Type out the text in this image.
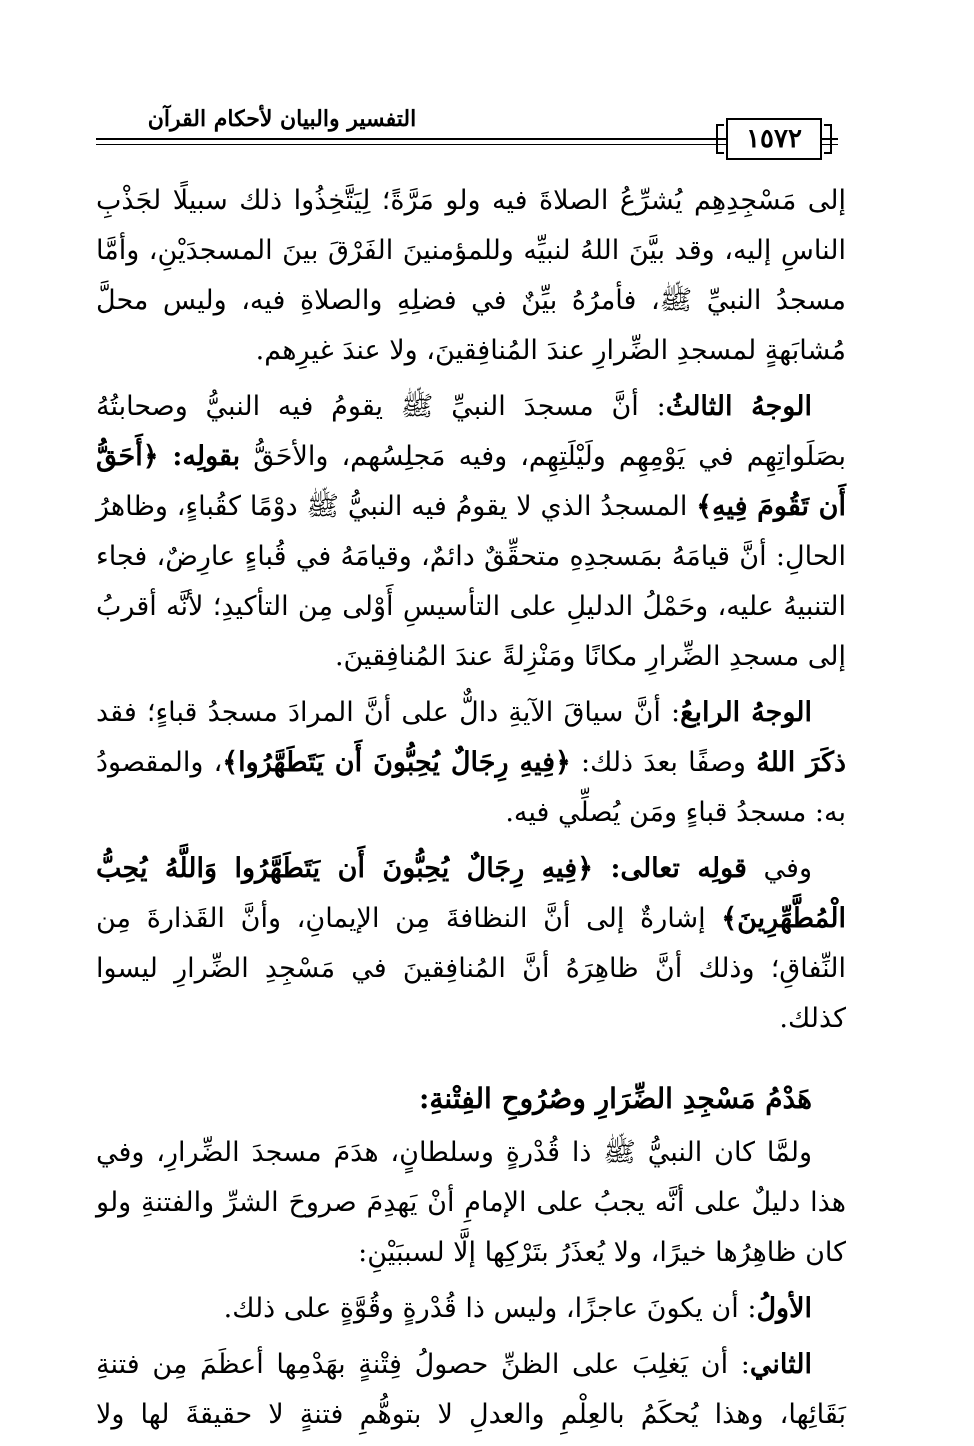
التفسير والبيان لأحكام القرآن
١٥٧٢

إلى مَسْجِدِهِم يُشرِّعُ الصلاةَ فيه ولو مَرَّةً؛ لِيَتَّخِذُوا ذلك سبيلًا لجَذْبِ الناسِ إليه، وقد بيَّنَ اللهُ لنبيِّه وللمؤمنينَ الفَرْقَ بينَ المسجدَيْنِ، وأمَّا مسجدُ النبيِّ ﷺ، فأمرُهُ بيِّنٌ في فضلِهِ والصلاةِ فيه، وليس محلَّ مُشابَهةٍ لمسجدِ الضِّرارِ عندَ المُنافِقينَ، ولا عندَ غيرِهم.

الوجهُ الثالثُ: أنَّ مسجدَ النبيِّ ﷺ يقومُ فيه النبيُّ وصحابتُهُ بصَلَواتِهِم في يَوْمِهِم ولَيْلَتِهِم، وفيه مَجلِسُهم، والأحَقُّ بقولِه: ﴿أَحَقُّ أَن تَقُومَ فِيهِ﴾ المسجدُ الذي لا يقومُ فيه النبيُّ ﷺ دوْمًا كقُباءٍ، وظاهرُ الحالِ: أنَّ قيامَهُ بمَسجدِهِ متحقِّقٌ دائمٌ، وقيامَهُ في قُباءٍ عارِضٌ، فجاء التنبيهُ عليه، وحَمْلُ الدليلِ على التأسيسِ أَوْلى مِن التأكيدِ؛ لأنَّه أقربُ إلى مسجدِ الضِّرارِ مكانًا ومَنْزِلةً عندَ المُنافِقينَ.

الوجهُ الرابعُ: أنَّ سياقَ الآيةِ دالٌّ على أنَّ المرادَ مسجدُ قباءٍ؛ فقد ذكَرَ اللهُ وصفًا بعدَ ذلك: ﴿فِيهِ رِجَالٌ يُحِبُّونَ أَن يَتَطَهَّرُوا﴾، والمقصودُ به: مسجدُ قباءٍ ومَن يُصلِّي فيه.

وفي قولِه تعالى: ﴿فِيهِ رِجَالٌ يُحِبُّونَ أَن يَتَطَهَّرُوا وَاللَّهُ يُحِبُّ الْمُطَّهِّرِينَ﴾ إشارةٌ إلى أنَّ النظافةَ مِن الإيمانِ، وأنَّ القَذارةَ مِن النِّفاقِ؛ وذلك أنَّ ظاهِرَهُ أنَّ المُنافِقينَ في مَسْجِدِ الضِّرارِ ليسوا كذلك.

هَدْمُ مَسْجِدِ الضِّرَارِ وصُرُوحِ الفِتْنةِ:

ولمَّا كان النبيُّ ﷺ ذا قُدْرةٍ وسلطانٍ، هدَمَ مسجدَ الضِّرارِ، وفي هذا دليلٌ على أنَّه يجبُ على الإمامِ أنْ يَهدِمَ صروحَ الشرِّ والفتنةِ ولو كان ظاهِرُها خيرًا، ولا يُعذَرُ بتَرْكِها إلَّا لسببَيْنِ:

الأولُ: أن يكونَ عاجزًا، وليس ذا قُدْرةٍ وقُوَّةٍ على ذلك.

الثاني: أن يَغلِبَ على الظنِّ حصولُ فِتْنةٍ بهَدْمِها أعظَمَ مِن فتنةِ بَقَائِها، وهذا يُحكَمُ بالعِلْمِ والعدلِ لا بتوهُّمِ فتنةٍ لا حقيقةَ لها ولا
